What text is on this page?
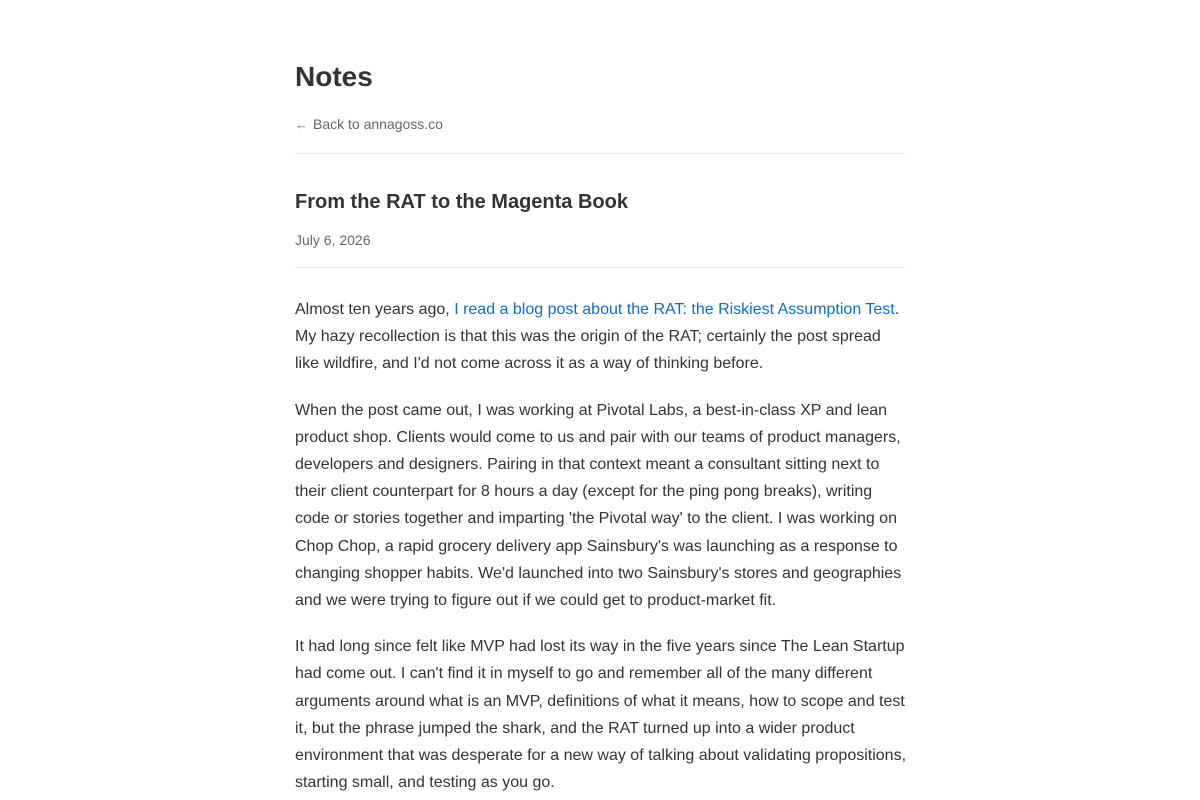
Notes
← Back to annagoss.co
From the RAT to the Magenta Book
July 6, 2026

Almost ten years ago, I read a blog post about the RAT: the Riskiest Assumption Test. My hazy recollection is that this was the origin of the RAT; certainly the post spread like wildfire, and I'd not come across it as a way of thinking before.

When the post came out, I was working at Pivotal Labs, a best-in-class XP and lean product shop. Clients would come to us and pair with our teams of product managers, developers and designers. Pairing in that context meant a consultant sitting next to their client counterpart for 8 hours a day (except for the ping pong breaks), writing code or stories together and imparting 'the Pivotal way' to the client. I was working on Chop Chop, a rapid grocery delivery app Sainsbury's was launching as a response to changing shopper habits. We'd launched into two Sainsbury's stores and geographies and we were trying to figure out if we could get to product-market fit.

It had long since felt like MVP had lost its way in the five years since The Lean Startup had come out. I can't find it in myself to go and remember all of the many different arguments around what is an MVP, definitions of what it means, how to scope and test it, but the phrase jumped the shark, and the RAT turned up into a wider product environment that was desperate for a new way of talking about validating propositions, starting small, and testing as you go.
